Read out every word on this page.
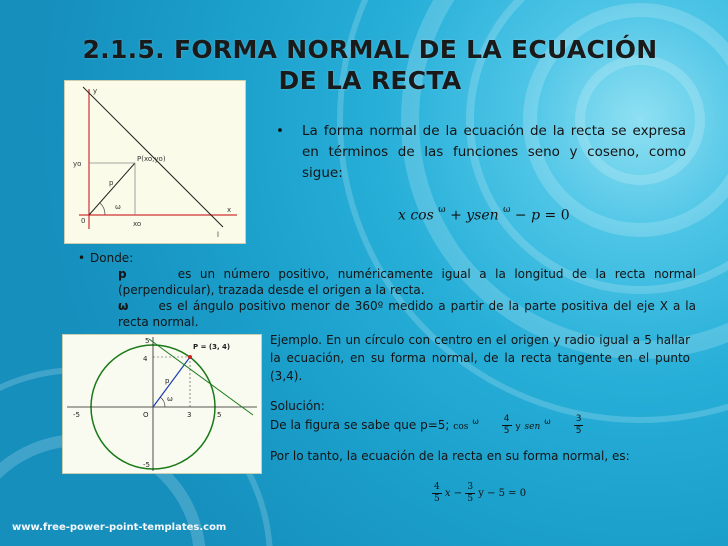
2.1.5. FORMA NORMAL DE LA ECUACIÓN
DE LA RECTA
y
yo
P(xo,yo)
p
ω
xo
x
0
l
• La forma normal de la ecuación de la recta se expresa en términos de las funciones seno y coseno, como sigue:
x cos $^\omega$ + ysen $^\omega$ − p = 0
• Donde:

p	es un número positivo, numéricamente igual a la longitud de la recta normal (perpendicular), trazada desde el origen a la recta.

ω	es el ángulo positivo menor de 360º medido a partir de la parte positiva del eje X a la recta normal.

P = (3, 4)
4
5
-5	O	3	5
-5
p
ω
Ejemplo. En un círculo con centro en el origen y radio igual a 5 hallar la ecuación, en su forma normal, de la recta tangente en el punto (3,4).
Solución:
De la figura se sabe que p=5; cos $^\omega$	$\frac{4}{5}$ y sen $^\omega$	$\frac{3}{5}$
Por lo tanto, la ecuación de la recta en su forma normal, es:
$\frac{4}{5}$ $x - \frac{3}{5}$ y − 5 = 0
www.free-power-point-templates.com
